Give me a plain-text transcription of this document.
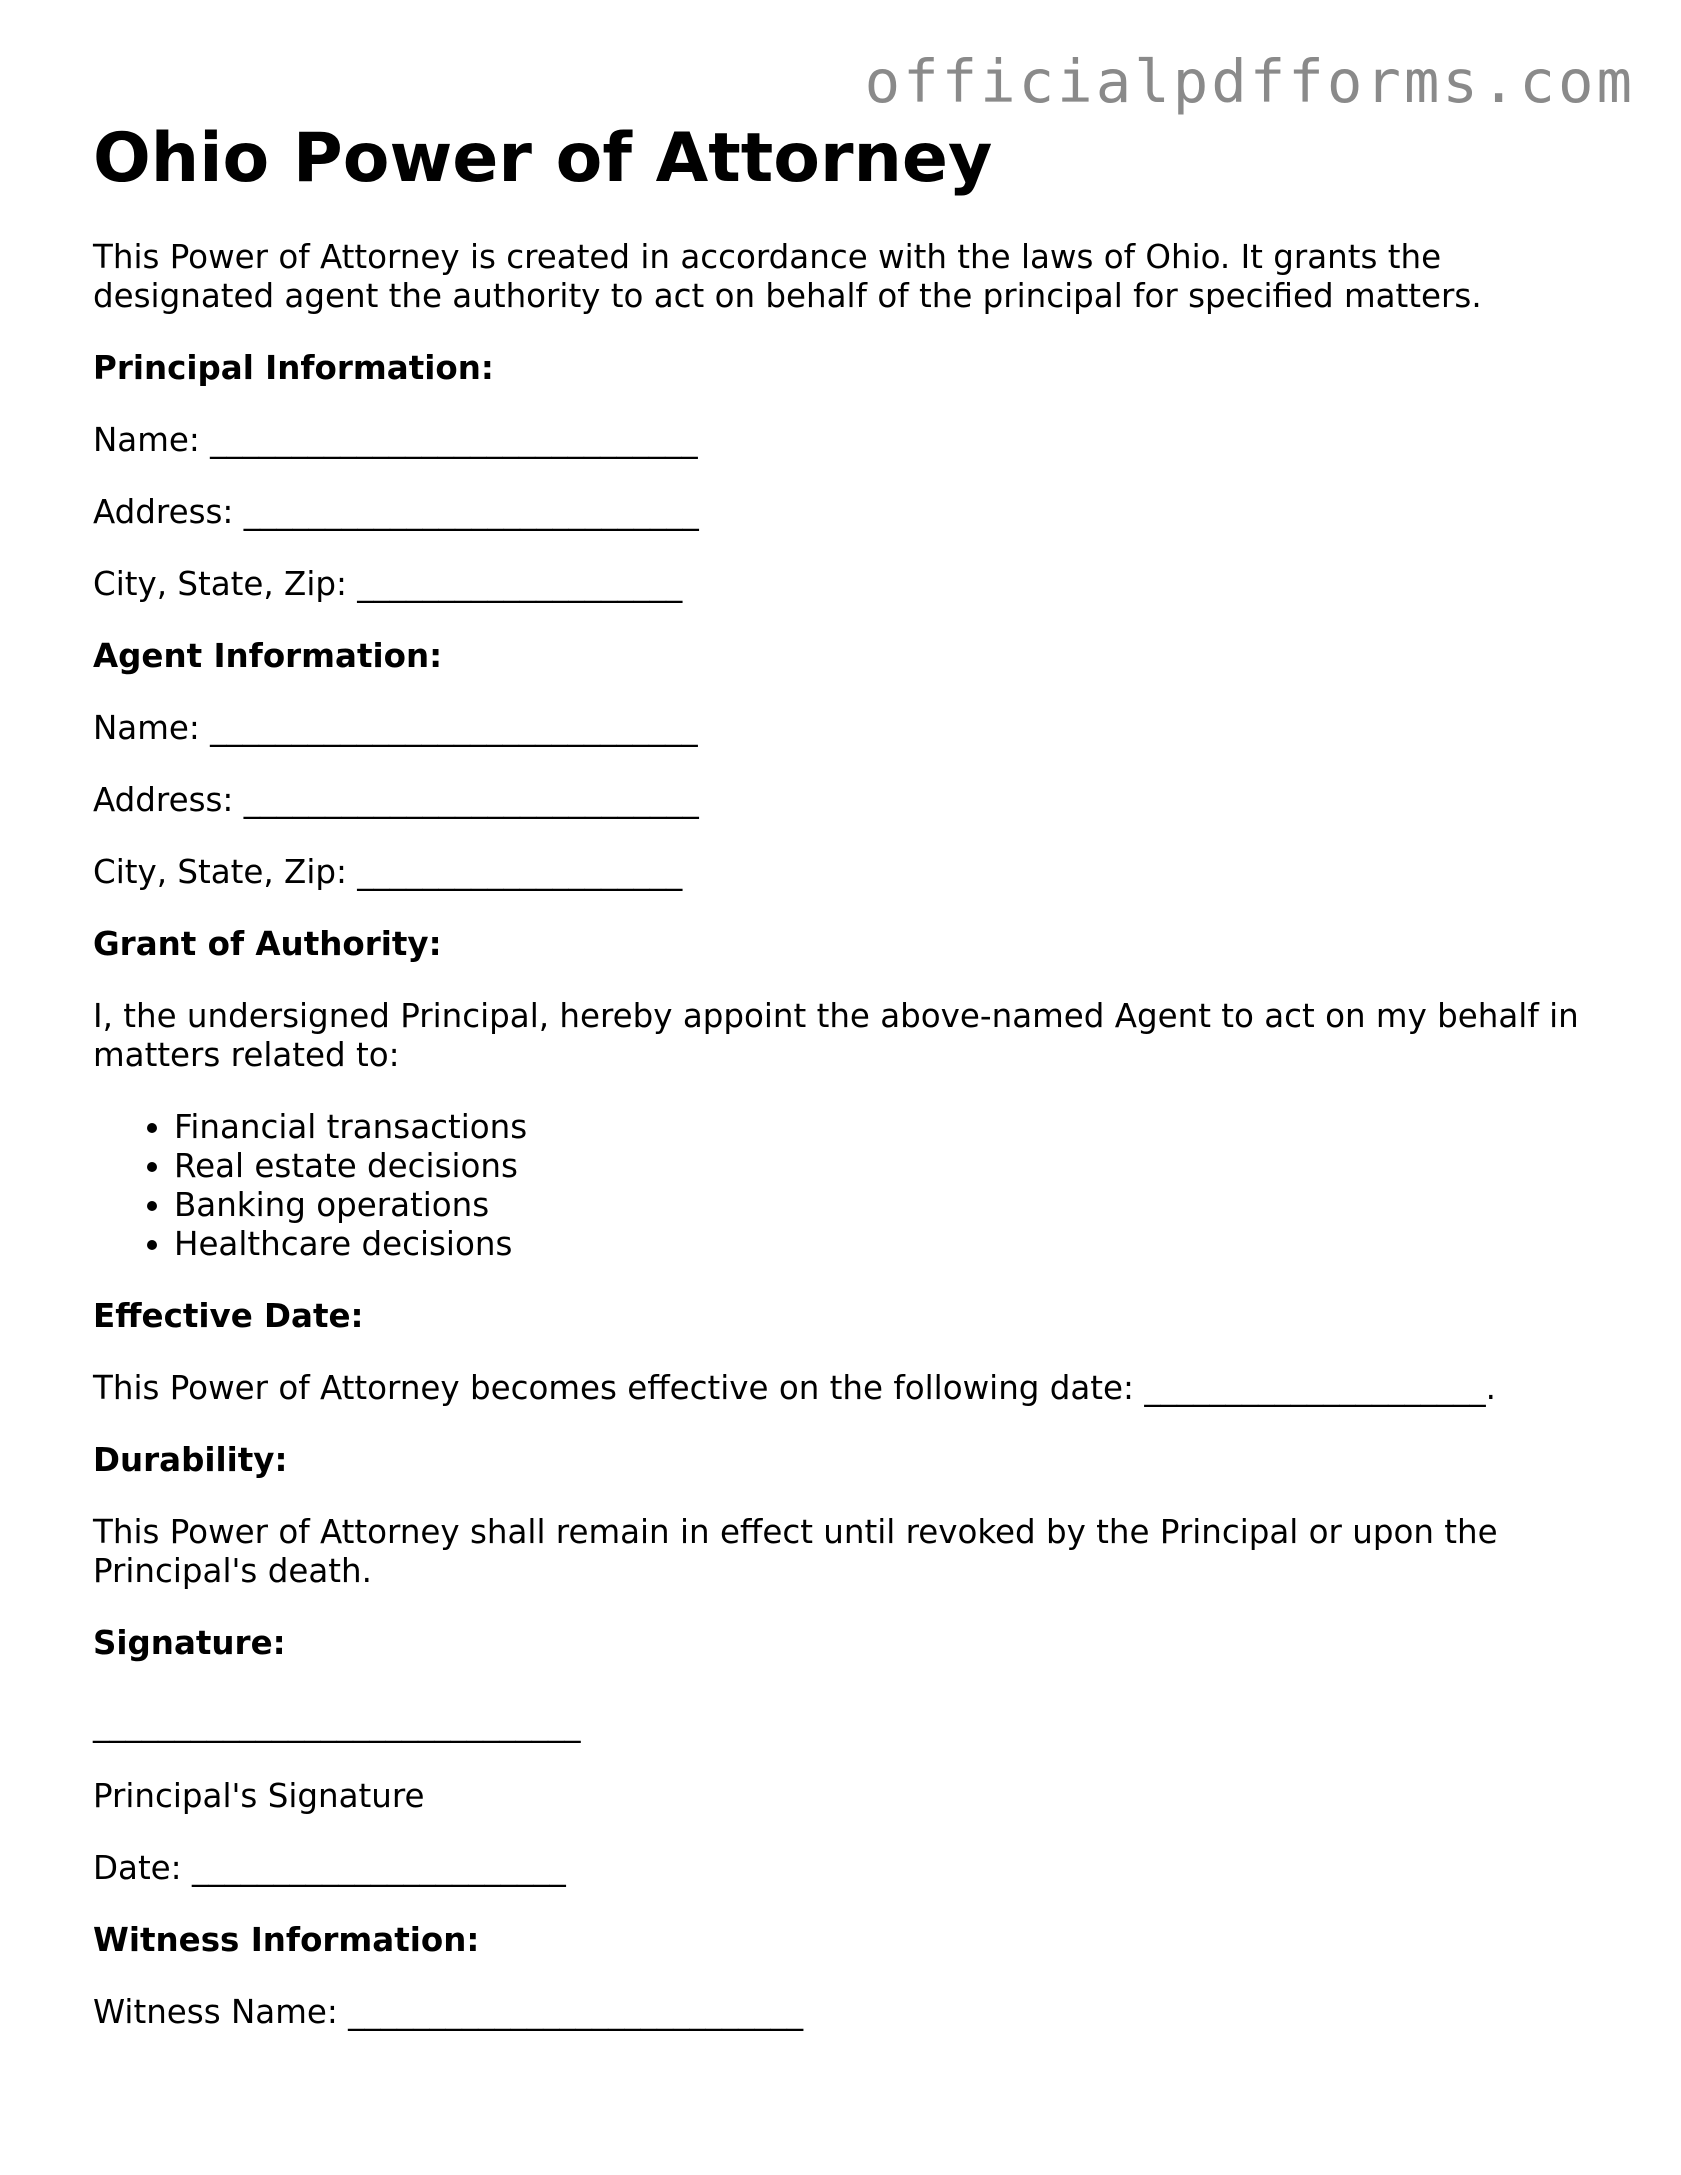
officialpdfforms.com
Ohio Power of Attorney

This Power of Attorney is created in accordance with the laws of Ohio. It grants the designated agent the authority to act on behalf of the principal for specified matters.

Principal Information:
Name: ______________________________
Address: ____________________________
City, State, Zip: ____________________
Agent Information:
Name: ______________________________
Address: ____________________________
City, State, Zip: ____________________
Grant of Authority:

I, the undersigned Principal, hereby appoint the above-named Agent to act on my behalf in matters related to:

• Financial transactions
• Real estate decisions
• Banking operations
• Healthcare decisions
Effective Date:
This Power of Attorney becomes effective on the following date: _____________________.
Durability:

This Power of Attorney shall remain in effect until revoked by the Principal or upon the Principal's death.

Signature:
______________________________
Principal's Signature
Date: _______________________
Witness Information:
Witness Name: ____________________________
